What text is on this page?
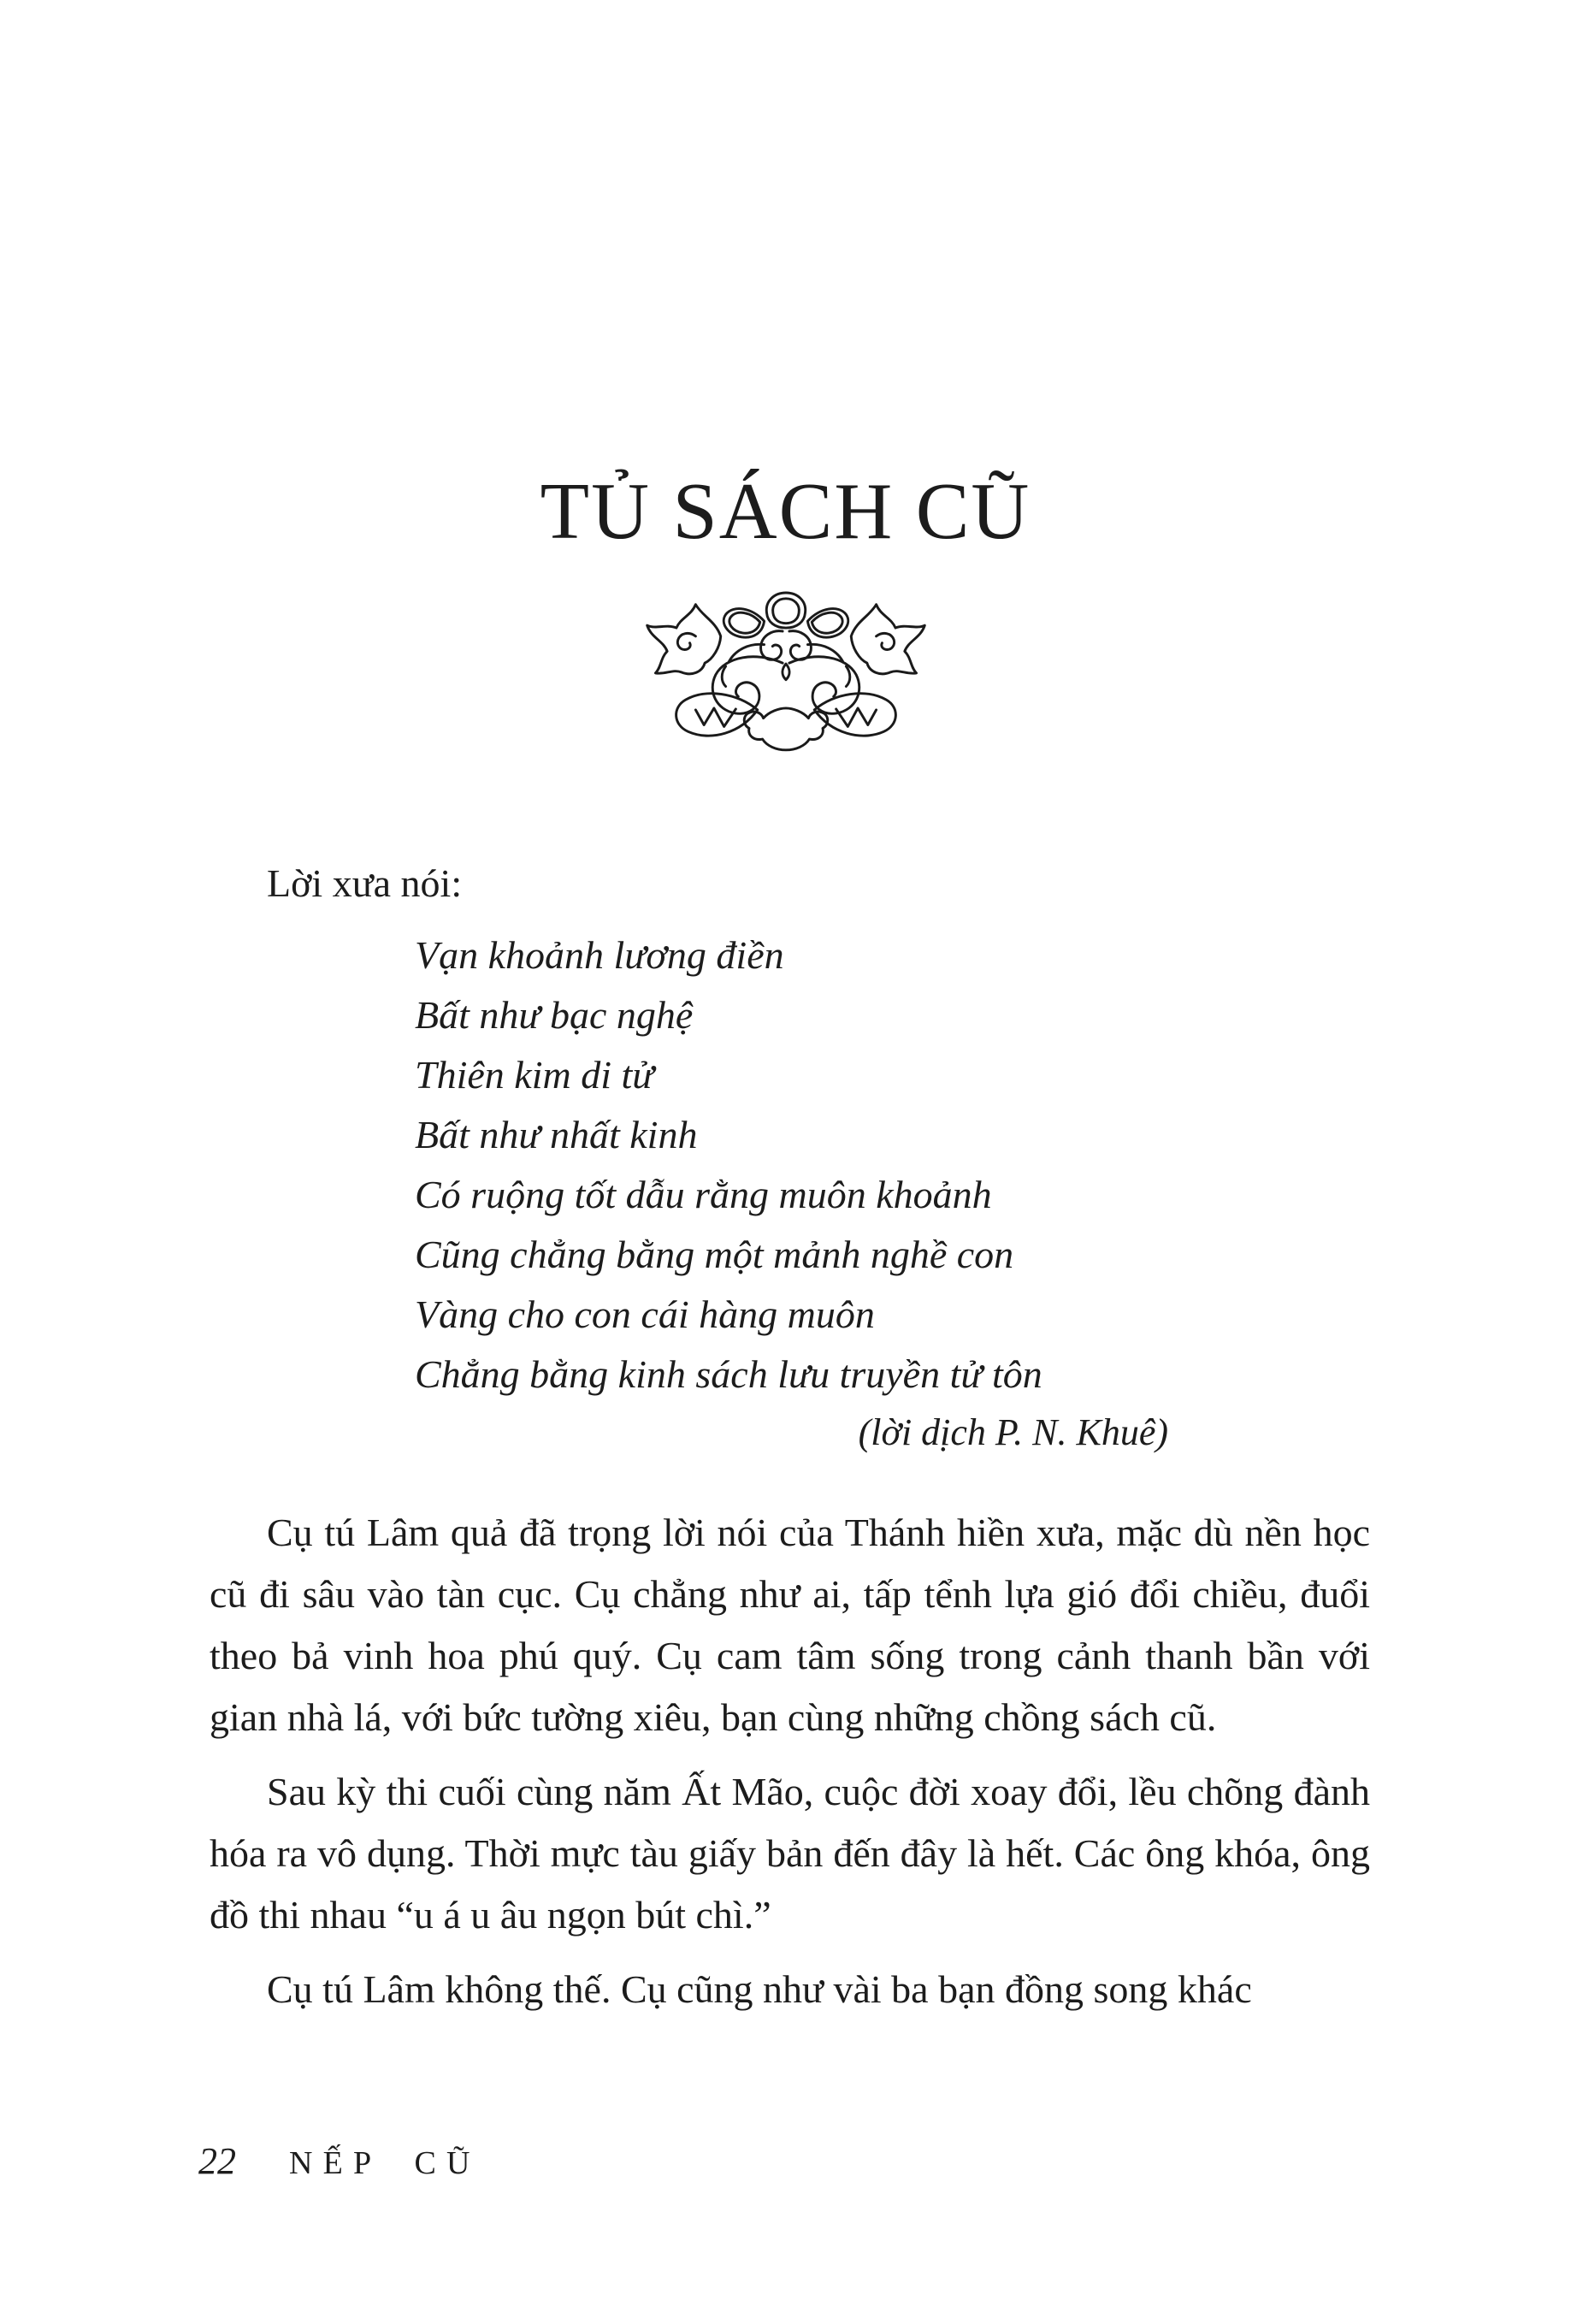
TỦ SÁCH CŨ
Lời xưa nói:
Vạn khoảnh lương điền
Bất như bạc nghệ
Thiên kim di tử
Bất như nhất kinh
Có ruộng tốt dẫu rằng muôn khoảnh
Cũng chẳng bằng một mảnh nghề con
Vàng cho con cái hàng muôn
Chẳng bằng kinh sách lưu truyền tử tôn
(lời dịch P. N. Khuê)

Cụ tú Lâm quả đã trọng lời nói của Thánh hiền xưa, mặc dù nền học cũ đi sâu vào tàn cục. Cụ chẳng như ai, tấp tểnh lựa gió đổi chiều, đuổi theo bả vinh hoa phú quý. Cụ cam tâm sống trong cảnh thanh bần với gian nhà lá, với bức tường xiêu, bạn cùng những chồng sách cũ.

Sau kỳ thi cuối cùng năm Ất Mão, cuộc đời xoay đổi, lều chõng đành hóa ra vô dụng. Thời mực tàu giấy bản đến đây là hết. Các ông khóa, ông đồ thi nhau “u á u âu ngọn bút chì.”

Cụ tú Lâm không thế. Cụ cũng như vài ba bạn đồng song khác

22 NẾP CŨ
